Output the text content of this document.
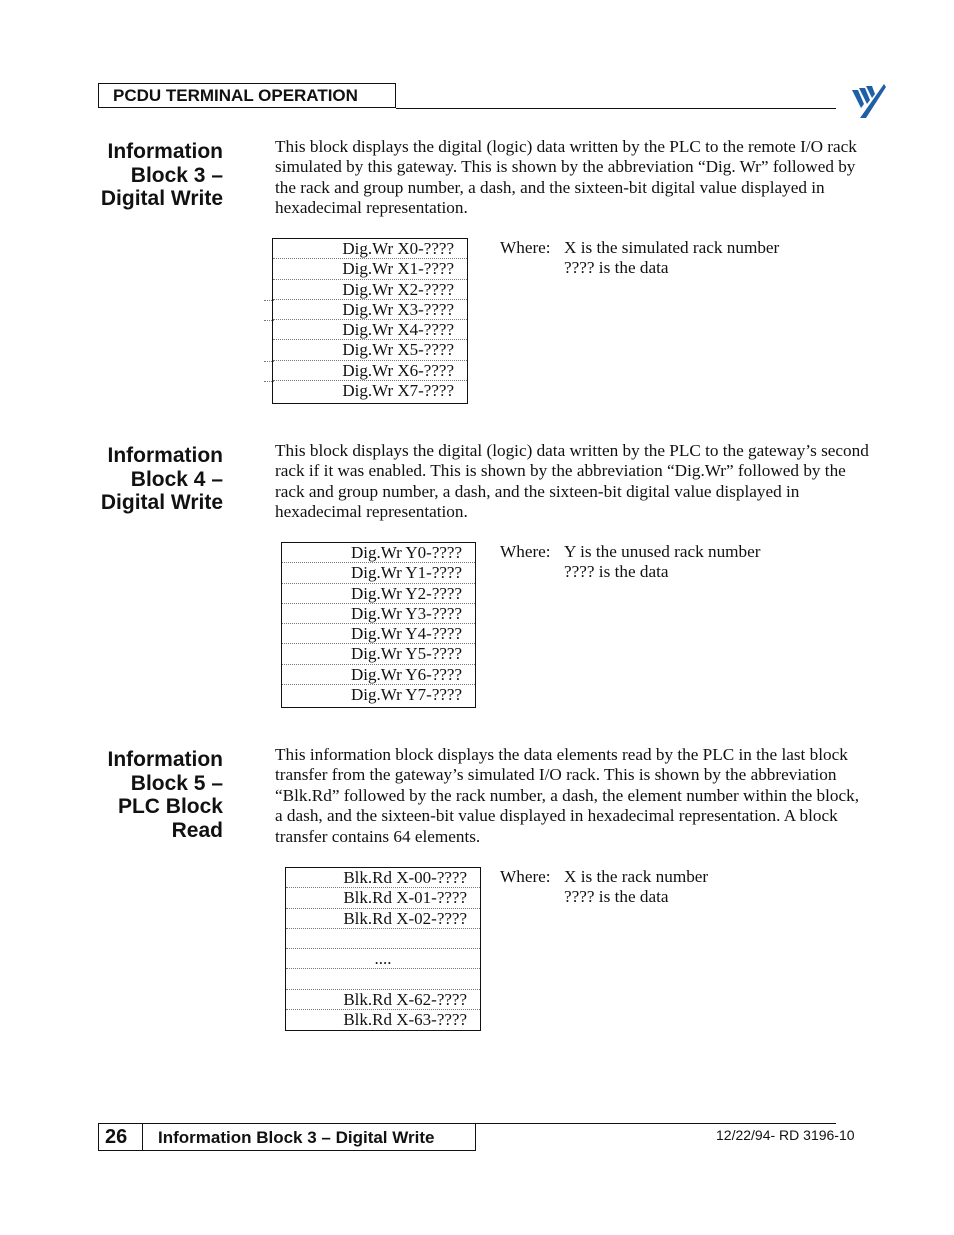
PCDU TERMINAL OPERATION
Information
Block 3 –
Digital Write
This block displays the digital (logic) data written by the PLC to the remote I/O rack simulated by this gateway. This is shown by the abbreviation “Dig. Wr” followed by the rack and group number, a dash, and the sixteen-bit digital value displayed in hexadecimal representation.
Dig.Wr X0-????
Dig.Wr X1-????
Dig.Wr X2-????
Dig.Wr X3-????
Dig.Wr X4-????
Dig.Wr X5-????
Dig.Wr X6-????
Dig.Wr X7-????
Where: X is the simulated rack number
???? is the data
Information
Block 4 –
Digital Write
This block displays the digital (logic) data written by the PLC to the gateway’s second rack if it was enabled. This is shown by the abbreviation “Dig.Wr” followed by the rack and group number, a dash, and the sixteen-bit digital value displayed in hexadecimal representation.
Dig.Wr Y0-????
Dig.Wr Y1-????
Dig.Wr Y2-????
Dig.Wr Y3-????
Dig.Wr Y4-????
Dig.Wr Y5-????
Dig.Wr Y6-????
Dig.Wr Y7-????
Where: Y is the unused rack number
???? is the data
Information
Block 5 –
PLC Block
Read
This information block displays the data elements read by the PLC in the last block transfer from the gateway’s simulated I/O rack. This is shown by the abbreviation “Blk.Rd” followed by the rack number, a dash, the element number within the block, a dash, and the sixteen-bit value displayed in hexadecimal representation. A block transfer contains 64 elements.
Blk.Rd X-00-????
Blk.Rd X-01-????
Blk.Rd X-02-????
....
Blk.Rd X-62-????
Blk.Rd X-63-????
Where: X is the rack number
???? is the data
26	Information Block 3 – Digital Write	12/22/94- RD 3196-10
